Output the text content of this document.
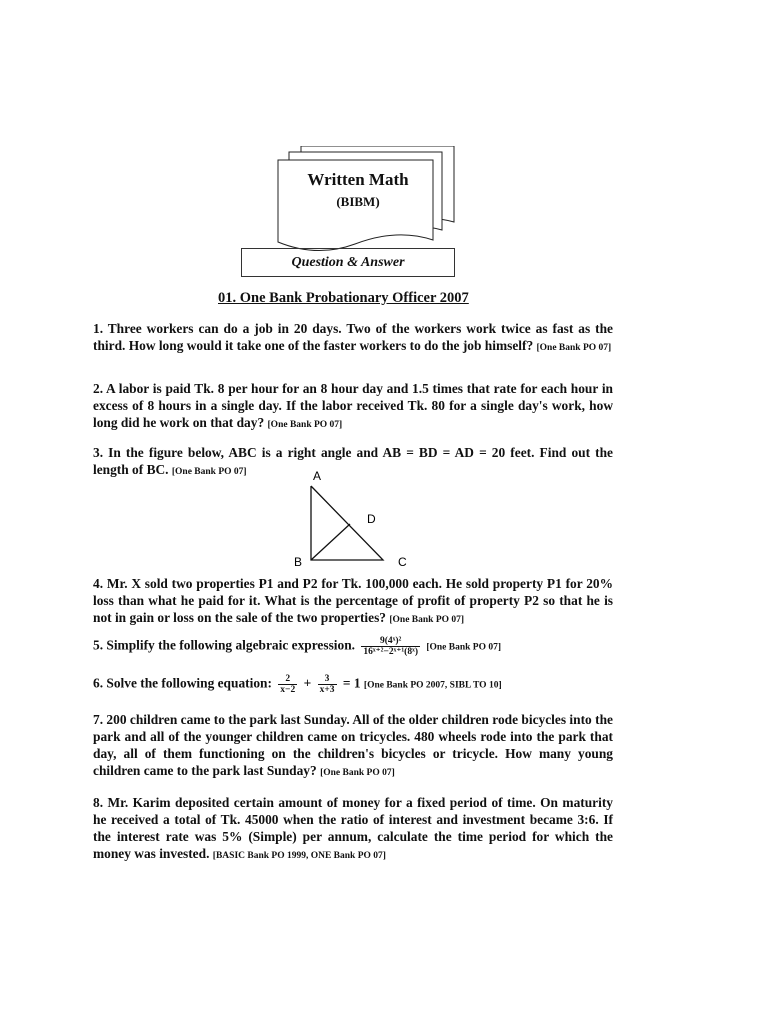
Written Math
(BIBM)
Question & Answer
01. One Bank Probationary Officer 2007

1. Three workers can do a job in 20 days. Two of the workers work twice as fast as the third. How long would it take one of the faster workers to do the job himself? [One Bank PO 07]

2. A labor is paid Tk. 8 per hour for an 8 hour day and 1.5 times that rate for each hour in excess of 8 hours in a single day. If the labor received Tk. 80 for a single day's work, how long did he work on that day? [One Bank PO 07]

3. In the figure below, ABC is a right angle and AB = BD = AD = 20 feet. Find out the length of BC. [One Bank PO 07]	A
D
B	C

4. Mr. X sold two properties P1 and P2 for Tk. 100,000 each. He sold property P1 for 20% loss than what he paid for it. What is the percentage of profit of property P2 so that he is not in gain or loss on the sale of the two properties? [One Bank PO 07]

5. Simplify the following algebraic expression. $\frac{\text{9(4ˣ)²}}{\text{16ˣ⁺²−2ˣ⁺¹(8ˣ)}} [One$ Bank PO 07]

6. Solve the following equation: $\frac{2}{x-2} + \frac{3}{x+3} = 1$ [One Bank PO 2007, SIBL TO 10]

7. 200 children came to the park last Sunday. All of the older children rode bicycles into the park and all of the younger children came on tricycles. 480 wheels rode into the park that day, all of them functioning on the children's bicycles or tricycle. How many young children came to the park last Sunday? [One Bank PO 07]

8. Mr. Karim deposited certain amount of money for a fixed period of time. On maturity he received a total of Tk. 45000 when the ratio of interest and investment became 3:6. If the interest rate was 5% (Simple) per annum, calculate the time period for which the money was invested. [BASIC Bank PO 1999, ONE Bank PO 07]
